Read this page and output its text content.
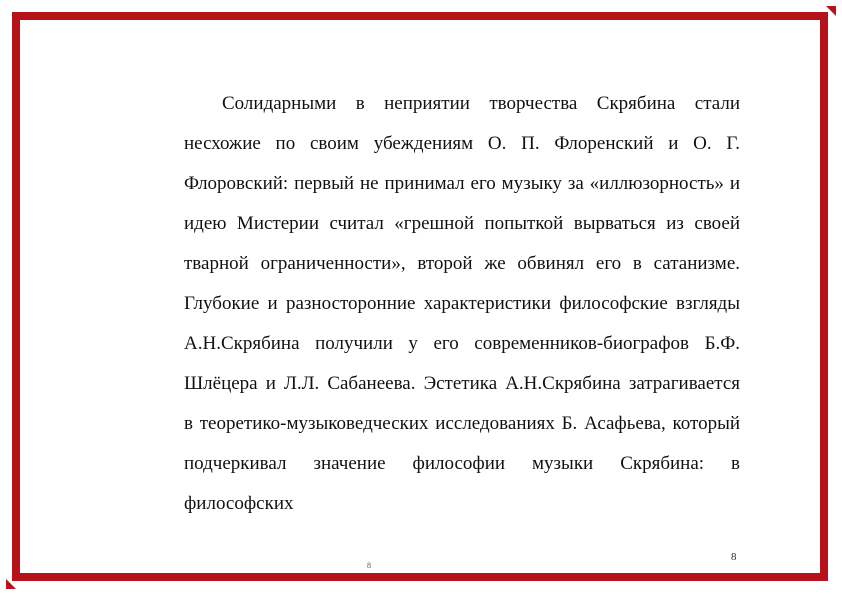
Солидарными в неприятии творчества Скрябина стали несхожие по своим убеждениям О. П. Флоренский и О. Г. Флоровский: первый не принимал его музыку за «иллюзорность» и идею Мистерии считал «грешной попыткой вырваться из своей тварной ограниченности», второй же обвинял его в сатанизме. Глубокие и разносторонние характеристики философские взгляды А.Н.Скрябина получили у его современников-биографов Б.Ф. Шлёцера и Л.Л. Сабанеева. Эстетика А.Н.Скрябина затрагивается в теоретико-музыковедческих исследованиях Б. Асафьева, который подчеркивал значение философии музыки Скрябина: в философских

8
8
